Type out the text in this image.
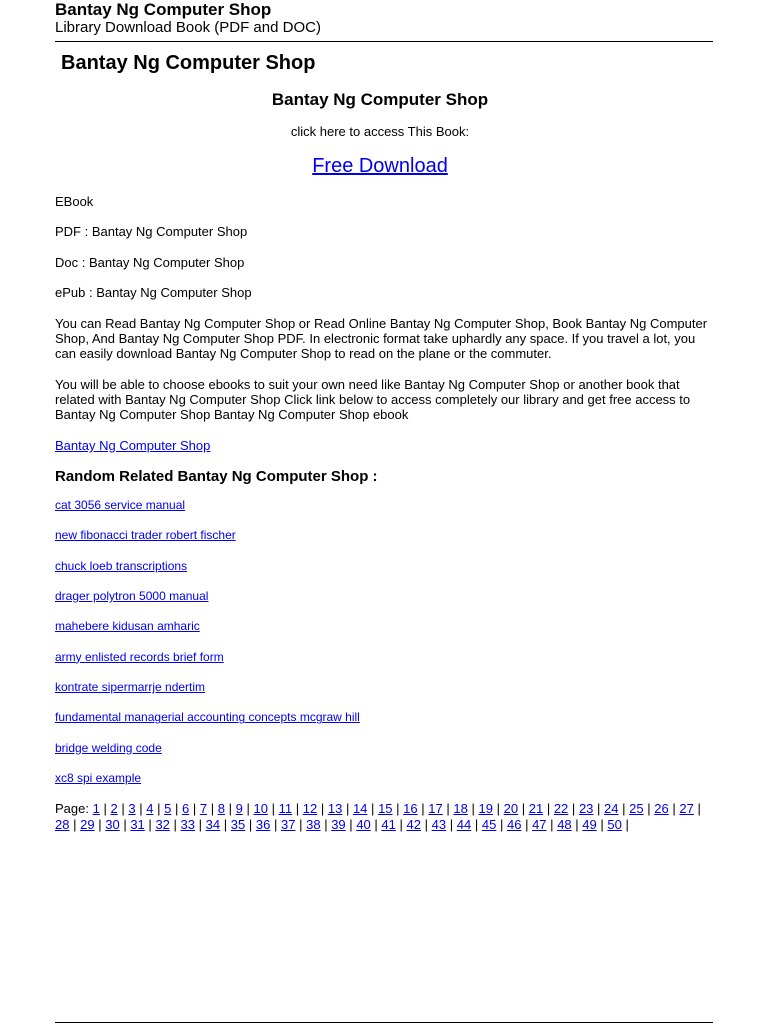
Bantay Ng Computer Shop
Library Download Book (PDF and DOC)
Bantay Ng Computer Shop
Bantay Ng Computer Shop
click here to access This Book:
Free Download
EBook
PDF : Bantay Ng Computer Shop
Doc : Bantay Ng Computer Shop
ePub : Bantay Ng Computer Shop
You can Read Bantay Ng Computer Shop or Read Online Bantay Ng Computer Shop, Book Bantay Ng Computer Shop, And Bantay Ng Computer Shop PDF. In electronic format take uphardly any space. If you travel a lot, you can easily download Bantay Ng Computer Shop to read on the plane or the commuter.
You will be able to choose ebooks to suit your own need like Bantay Ng Computer Shop or another book that related with Bantay Ng Computer Shop Click link below to access completely our library and get free access to Bantay Ng Computer Shop Bantay Ng Computer Shop ebook
Bantay Ng Computer Shop
Random Related Bantay Ng Computer Shop :
cat 3056 service manual
new fibonacci trader robert fischer
chuck loeb transcriptions
drager polytron 5000 manual
mahebere kidusan amharic
army enlisted records brief form
kontrate sipermarrje ndertim
fundamental managerial accounting concepts mcgraw hill
bridge welding code
xc8 spi example
Page: 1 | 2 | 3 | 4 | 5 | 6 | 7 | 8 | 9 | 10 | 11 | 12 | 13 | 14 | 15 | 16 | 17 | 18 | 19 | 20 | 21 | 22 | 23 | 24 | 25 | 26 | 27 | 28 | 29 | 30 | 31 | 32 | 33 | 34 | 35 | 36 | 37 | 38 | 39 | 40 | 41 | 42 | 43 | 44 | 45 | 46 | 47 | 48 | 49 | 50 |
